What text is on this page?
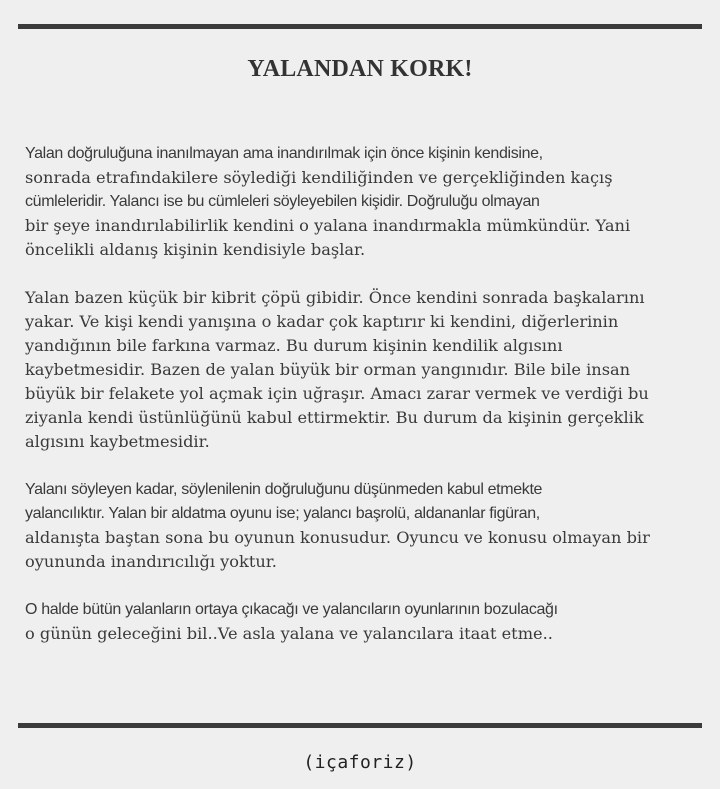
YALANDAN KORK!
Yalan doğruluğuna inanılmayan ama inandırılmak için önce kişinin kendisine,
sonrada etrafındakilere söylediği kendiliğinden ve gerçekliğinden kaçış
cümleleridir. Yalancı ise bu cümleleri söyleyebilen kişidir. Doğruluğu olmayan
bir şeye inandırılabilirlik kendini o yalana inandırmakla mümkündür. Yani
öncelikli aldanış kişinin kendisiyle başlar.
Yalan bazen küçük bir kibrit çöpü gibidir. Önce kendini sonrada başkalarını
yakar. Ve kişi kendi yanışına o kadar çok kaptırır ki kendini, diğerlerinin
yandığının bile farkına varmaz. Bu durum kişinin kendilik algısını
kaybetmesidir. Bazen de yalan büyük bir orman yangınıdır. Bile bile insan
büyük bir felakete yol açmak için uğraşır. Amacı zarar vermek ve verdiği bu
ziyanla kendi üstünlüğünü kabul ettirmektir. Bu durum da kişinin gerçeklik
algısını kaybetmesidir.
Yalanı söyleyen kadar, söylenilenin doğruluğunu düşünmeden kabul etmekte
yalancılıktır. Yalan bir aldatma oyunu ise; yalancı başrolü, aldananlar figüran,
aldanışta baştan sona bu oyunun konusudur. Oyuncu ve konusu olmayan bir
oyununda inandırıcılığı yoktur.
O halde bütün yalanların ortaya çıkacağı ve yalancıların oyunlarının bozulacağı
o günün geleceğini bil..Ve asla yalana ve yalancılara itaat etme..
(içaforiz)
